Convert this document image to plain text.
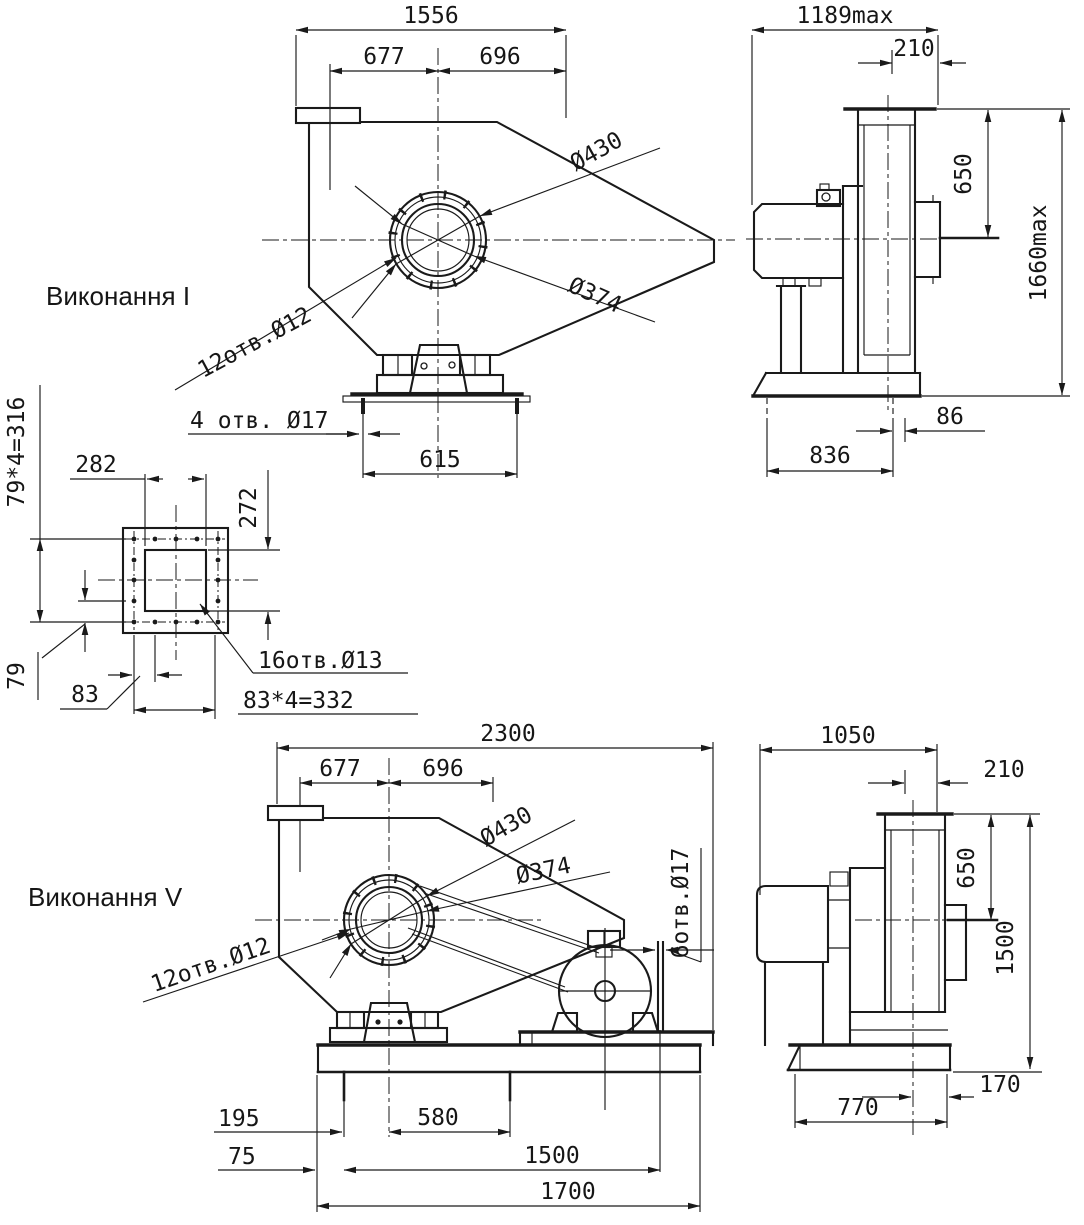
Ø430
Ø374
12отв.Ø12
1556
677	696
4 отв. Ø17
615
1189max
210
650
1660max
86
836
282
272
79*4=316
79
83
16отв.Ø13
83*4=332
Виконання I
Виконання V
Ø430
Ø374
12отв.Ø12
6отв.Ø17
2300
677	696
195	580
75	1500
1700
1050
210
650
1500
170
770
